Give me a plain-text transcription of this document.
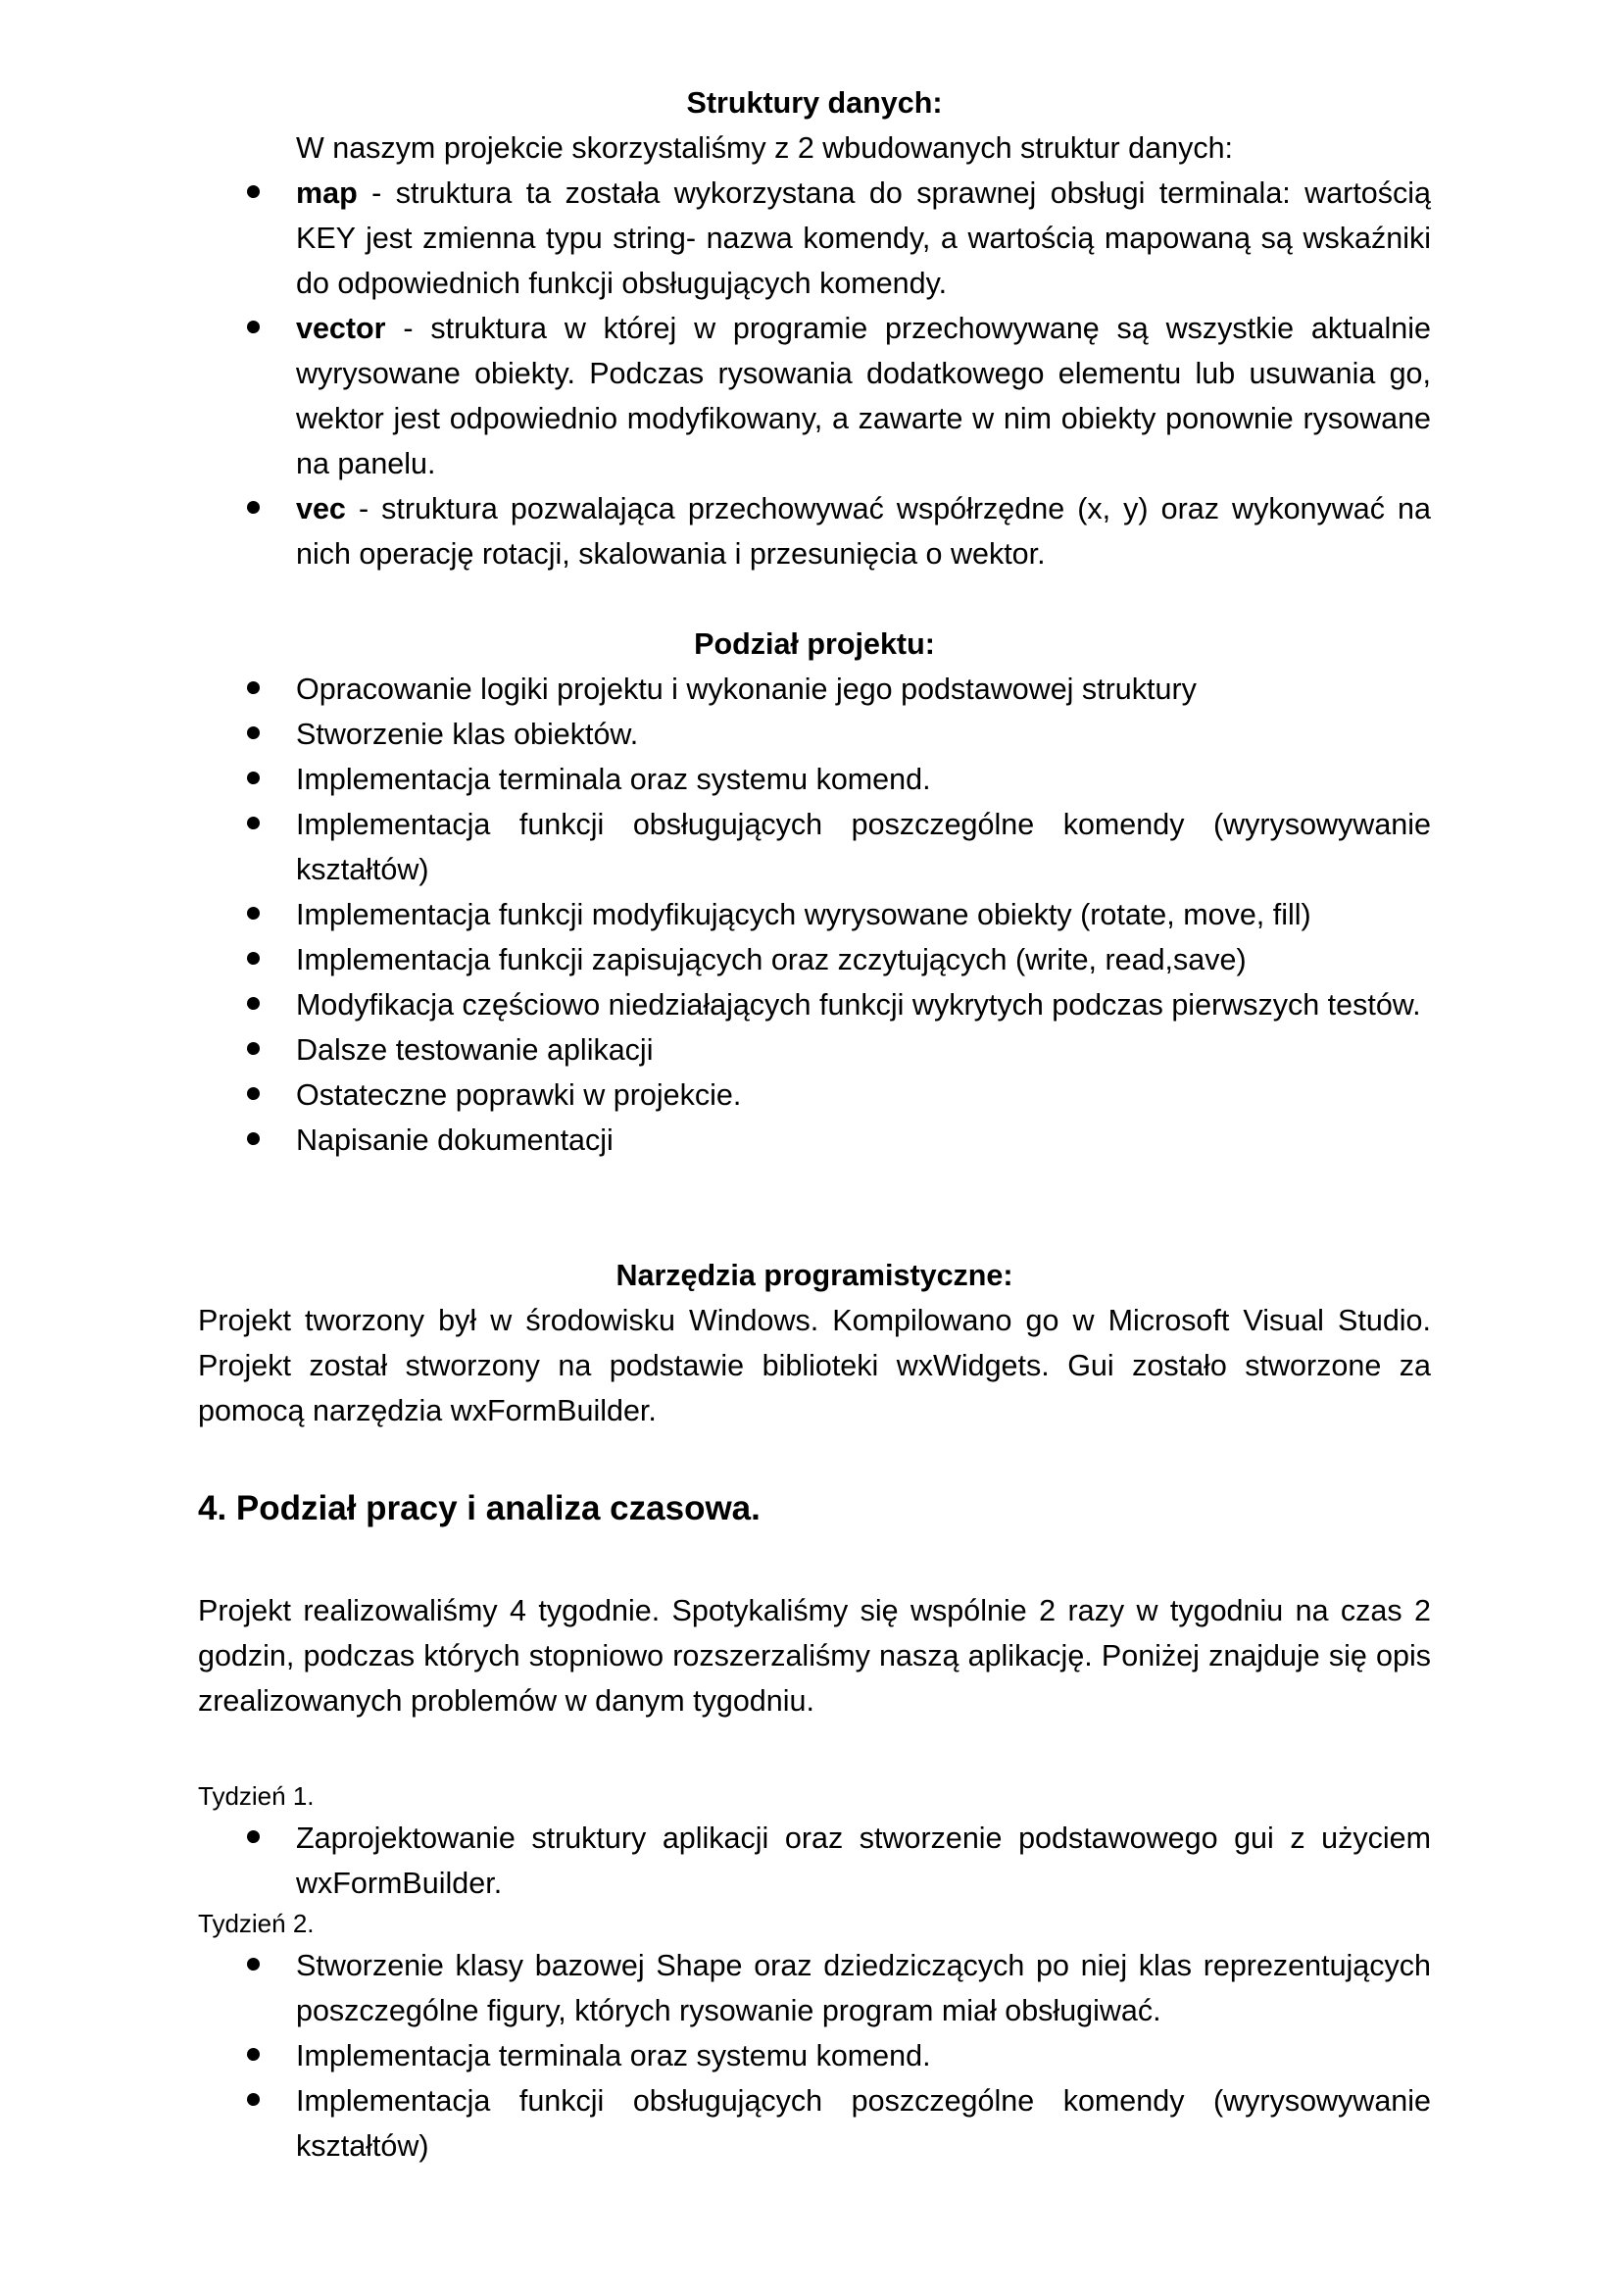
Struktury danych:
W naszym projekcie skorzystaliśmy z 2 wbudowanych struktur danych:
map - struktura ta została wykorzystana do sprawnej obsługi terminala: wartością KEY jest zmienna typu string- nazwa komendy, a wartością mapowaną są wskaźniki do odpowiednich funkcji obsługujących komendy.
vector - struktura w której w programie przechowywanę są wszystkie aktualnie wyrysowane obiekty. Podczas rysowania dodatkowego elementu lub usuwania go, wektor jest odpowiednio modyfikowany, a zawarte w nim obiekty ponownie rysowane na panelu.
vec - struktura pozwalająca przechowywać współrzędne (x, y) oraz wykonywać na nich operację rotacji, skalowania i przesunięcia o wektor.
Podział projektu:
Opracowanie logiki projektu i wykonanie jego podstawowej struktury
Stworzenie klas obiektów.
Implementacja terminala oraz systemu komend.
Implementacja funkcji obsługujących poszczególne komendy (wyrysowywanie kształtów)
Implementacja funkcji modyfikujących wyrysowane obiekty (rotate, move, fill)
Implementacja funkcji zapisujących oraz zczytujących (write, read,save)
Modyfikacja częściowo niedziałających funkcji wykrytych podczas pierwszych testów.
Dalsze testowanie aplikacji
Ostateczne poprawki w projekcie.
Napisanie dokumentacji
Narzędzia programistyczne:
Projekt tworzony był w środowisku Windows. Kompilowano go w Microsoft Visual Studio. Projekt został stworzony na podstawie biblioteki wxWidgets. Gui zostało stworzone za pomocą narzędzia wxFormBuilder.
4. Podział pracy i analiza czasowa.
Projekt realizowaliśmy 4 tygodnie. Spotykaliśmy się wspólnie 2 razy w tygodniu na czas 2 godzin, podczas których stopniowo rozszerzaliśmy naszą aplikację. Poniżej znajduje się opis zrealizowanych problemów w danym tygodniu.
Tydzień 1.
Zaprojektowanie struktury aplikacji oraz stworzenie podstawowego gui z użyciem wxFormBuilder.
Tydzień 2.
Stworzenie klasy bazowej Shape oraz dziedziczących po niej klas reprezentujących poszczególne figury, których rysowanie program miał obsługiwać.
Implementacja terminala oraz systemu komend.
Implementacja funkcji obsługujących poszczególne komendy (wyrysowywanie kształtów)
